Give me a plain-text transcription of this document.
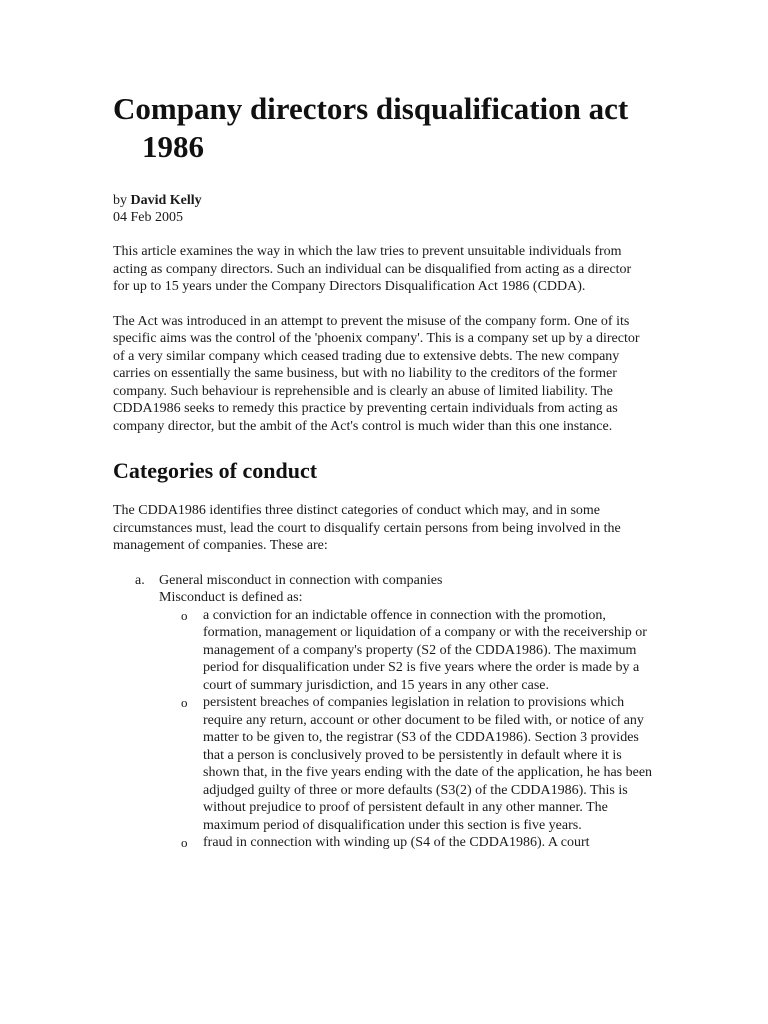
Company directors disqualification act 1986

by David Kelly

04 Feb 2005

This article examines the way in which the law tries to prevent unsuitable individuals from acting as company directors. Such an individual can be disqualified from acting as a director for up to 15 years under the Company Directors Disqualification Act 1986 (CDDA).

The Act was introduced in an attempt to prevent the misuse of the company form. One of its specific aims was the control of the 'phoenix company'. This is a company set up by a director of a very similar company which ceased trading due to extensive debts. The new company carries on essentially the same business, but with no liability to the creditors of the former company. Such behaviour is reprehensible and is clearly an abuse of limited liability. The CDDA1986 seeks to remedy this practice by preventing certain individuals from acting as company director, but the ambit of the Act's control is much wider than this one instance.

Categories of conduct

The CDDA1986 identifies three distinct categories of conduct which may, and in some circumstances must, lead the court to disqualify certain persons from being involved in the management of companies. These are:

a. General misconduct in connection with companies
Misconduct is defined as:
o a conviction for an indictable offence in connection with the promotion, formation, management or liquidation of a company or with the receivership or management of a company's property (S2 of the CDDA1986). The maximum period for disqualification under S2 is five years where the order is made by a court of summary jurisdiction, and 15 years in any other case.
o persistent breaches of companies legislation in relation to provisions which require any return, account or other document to be filed with, or notice of any matter to be given to, the registrar (S3 of the CDDA1986). Section 3 provides that a person is conclusively proved to be persistently in default where it is shown that, in the five years ending with the date of the application, he has been adjudged guilty of three or more defaults (S3(2) of the CDDA1986). This is without prejudice to proof of persistent default in any other manner. The maximum period of disqualification under this section is five years.
o fraud in connection with winding up (S4 of the CDDA1986). A court
